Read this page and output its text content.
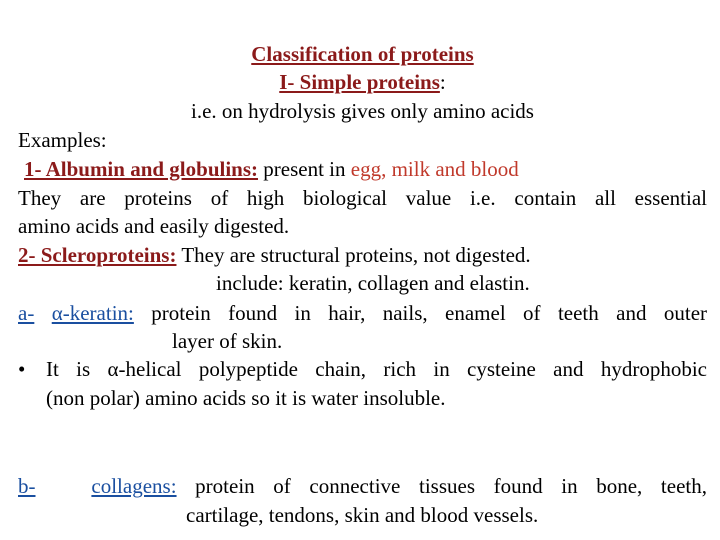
Classification of proteins
I- Simple proteins:
i.e. on hydrolysis gives only amino acids
Examples:
1- Albumin and globulins: present in egg, milk and blood
They are proteins of high biological value i.e. contain all essential
amino acids and easily digested.
2- Scleroproteins: They are structural proteins, not digested.
include: keratin, collagen and elastin.
a- α-keratin: protein found in hair, nails, enamel of teeth and outer
layer of skin.
• It is α-helical polypeptide chain, rich in cysteine and hydrophobic
(non polar) amino acids so it is water insoluble.
b-	collagens: protein of connective tissues found in bone, teeth,
cartilage, tendons, skin and blood vessels.
